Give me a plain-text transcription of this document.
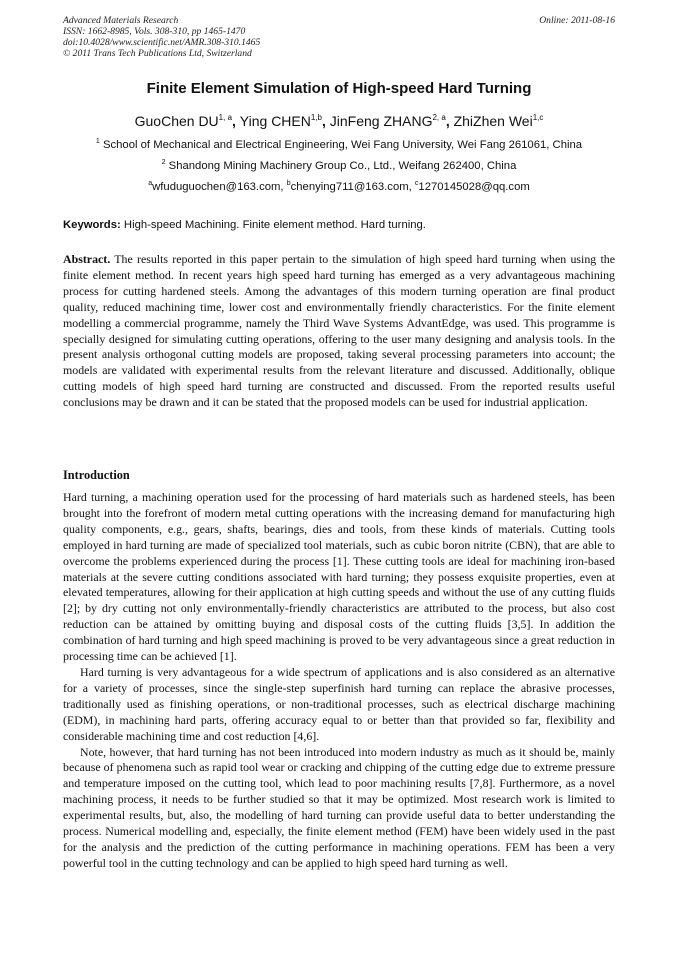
Advanced Materials Research
ISSN: 1662-8985, Vols. 308-310, pp 1465-1470
doi:10.4028/www.scientific.net/AMR.308-310.1465
© 2011 Trans Tech Publications Ltd, Switzerland
Online: 2011-08-16
Finite Element Simulation of High-speed Hard Turning
GuoChen DU$^{1, a}$, Ying CHEN$^{1,b}$, JinFeng ZHANG$^{2, a}$, ZhiZhen Wei$^{1,c}$
$^1$ School of Mechanical and Electrical Engineering, Wei Fang University, Wei Fang 261061, China
$^2$ Shandong Mining Machinery Group Co., Ltd., Weifang 262400, China
$^a$wfuduguochen@163.com, $^b$chenying711@163.com, $^c$1270145028@qq.com
Keywords: High-speed Machining. Finite element method. Hard turning.
Abstract. The results reported in this paper pertain to the simulation of high speed hard turning when using the finite element method. In recent years high speed hard turning has emerged as a very advantageous machining process for cutting hardened steels. Among the advantages of this modern turning operation are final product quality, reduced machining time, lower cost and environmentally friendly characteristics. For the finite element modelling a commercial programme, namely the Third Wave Systems AdvantEdge, was used. This programme is specially designed for simulating cutting operations, offering to the user many designing and analysis tools. In the present analysis orthogonal cutting models are proposed, taking several processing parameters into account; the models are validated with experimental results from the relevant literature and discussed. Additionally, oblique cutting models of high speed hard turning are constructed and discussed. From the reported results useful conclusions may be drawn and it can be stated that the proposed models can be used for industrial application.
Introduction

Hard turning, a machining operation used for the processing of hard materials such as hardened steels, has been brought into the forefront of modern metal cutting operations with the increasing demand for manufacturing high quality components, e.g., gears, shafts, bearings, dies and tools, from these kinds of materials. Cutting tools employed in hard turning are made of specialized tool materials, such as cubic boron nitrite (CBN), that are able to overcome the problems experienced during the process [1]. These cutting tools are ideal for machining iron-based materials at the severe cutting conditions associated with hard turning; they possess exquisite properties, even at elevated temperatures, allowing for their application at high cutting speeds and without the use of any cutting fluids [2]; by dry cutting not only environmentally-friendly characteristics are attributed to the process, but also cost reduction can be attained by omitting buying and disposal costs of the cutting fluids [3,5]. In addition the combination of hard turning and high speed machining is proved to be very advantageous since a great reduction in processing time can be achieved [1].

Hard turning is very advantageous for a wide spectrum of applications and is also considered as an alternative for a variety of processes, since the single-step superfinish hard turning can replace the abrasive processes, traditionally used as finishing operations, or non-traditional processes, such as electrical discharge machining (EDM), in machining hard parts, offering accuracy equal to or better than that provided so far, flexibility and considerable machining time and cost reduction [4,6].

Note, however, that hard turning has not been introduced into modern industry as much as it should be, mainly because of phenomena such as rapid tool wear or cracking and chipping of the cutting edge due to extreme pressure and temperature imposed on the cutting tool, which lead to poor machining results [7,8]. Furthermore, as a novel machining process, it needs to be further studied so that it may be optimized. Most research work is limited to experimental results, but, also, the modelling of hard turning can provide useful data to better understanding the process. Numerical modelling and, especially, the finite element method (FEM) have been widely used in the past for the analysis and the prediction of the cutting performance in machining operations. FEM has been a very powerful tool in the cutting technology and can be applied to high speed hard turning as well.
